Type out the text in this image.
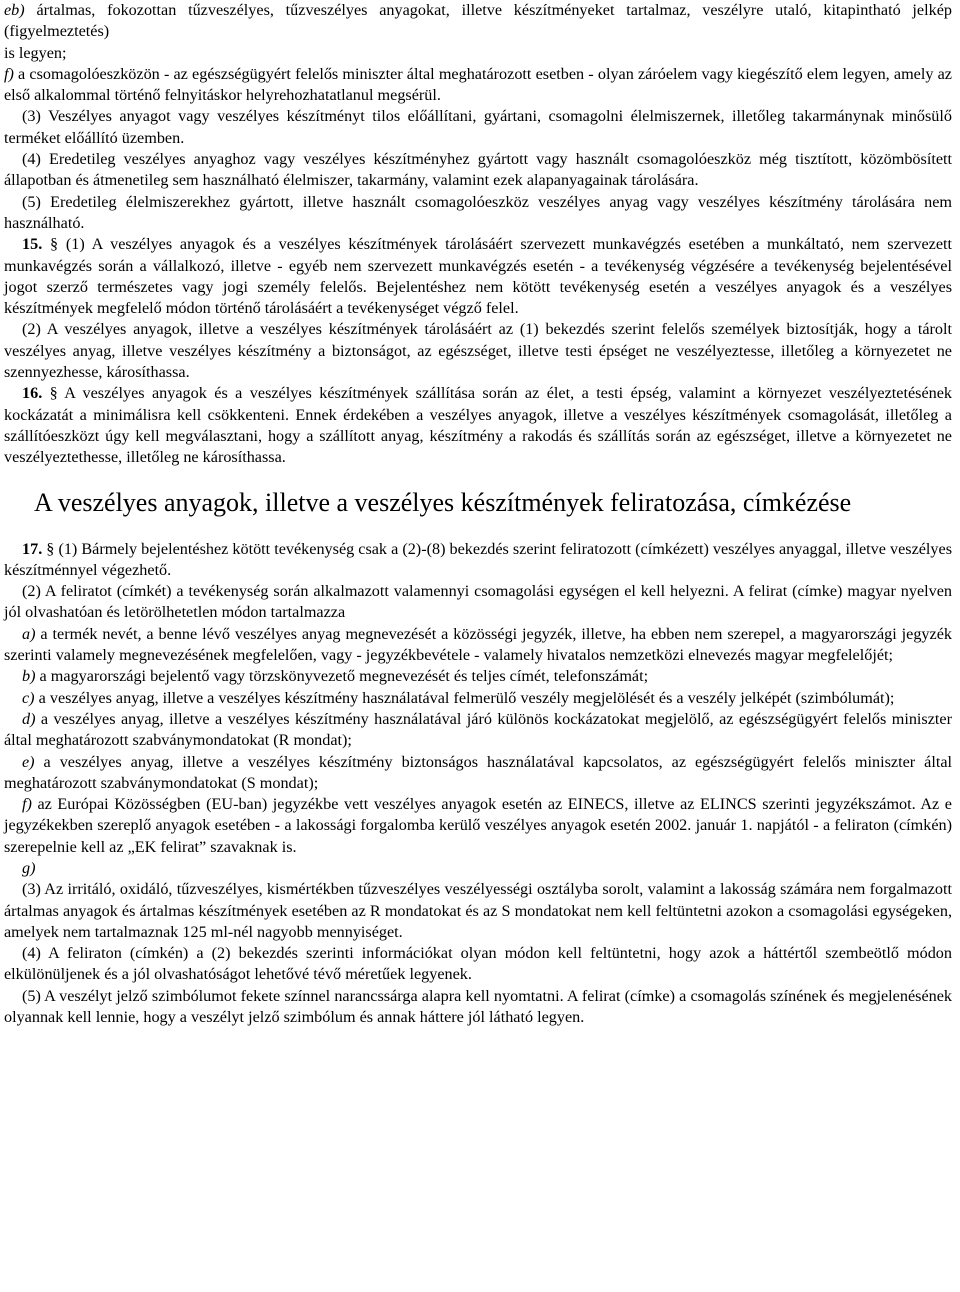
eb) ártalmas, fokozottan tűzveszélyes, tűzveszélyes anyagokat, illetve készítményeket tartalmaz, veszélyre utaló, kitapintható jelkép (figyelmeztetés)

is legyen;

f) a csomagolóeszközön - az egészségügyért felelős miniszter által meghatározott esetben - olyan záróelem vagy kiegészítő elem legyen, amely az első alkalommal történő felnyitáskor helyrehozhatatlanul megsérül.

(3) Veszélyes anyagot vagy veszélyes készítményt tilos előállítani, gyártani, csomagolni élelmiszernek, illetőleg takarmánynak minősülő terméket előállító üzemben.

(4) Eredetileg veszélyes anyaghoz vagy veszélyes készítményhez gyártott vagy használt csomagolóeszköz még tisztított, közömbösített állapotban és átmenetileg sem használható élelmiszer, takarmány, valamint ezek alapanyagainak tárolására.

(5) Eredetileg élelmiszerekhez gyártott, illetve használt csomagolóeszköz veszélyes anyag vagy veszélyes készítmény tárolására nem használható.

15. § (1) A veszélyes anyagok és a veszélyes készítmények tárolásáért szervezett munkavégzés esetében a munkáltató, nem szervezett munkavégzés során a vállalkozó, illetve - egyéb nem szervezett munkavégzés esetén - a tevékenység végzésére a tevékenység bejelentésével jogot szerző természetes vagy jogi személy felelős. Bejelentéshez nem kötött tevékenység esetén a veszélyes anyagok és a veszélyes készítmények megfelelő módon történő tárolásáért a tevékenységet végző felel.

(2) A veszélyes anyagok, illetve a veszélyes készítmények tárolásáért az (1) bekezdés szerint felelős személyek biztosítják, hogy a tárolt veszélyes anyag, illetve veszélyes készítmény a biztonságot, az egészséget, illetve testi épséget ne veszélyeztesse, illetőleg a környezetet ne szennyezhesse, károsíthassa.

16. § A veszélyes anyagok és a veszélyes készítmények szállítása során az élet, a testi épség, valamint a környezet veszélyeztetésének kockázatát a minimálisra kell csökkenteni. Ennek érdekében a veszélyes anyagok, illetve a veszélyes készítmények csomagolását, illetőleg a szállítóeszközt úgy kell megválasztani, hogy a szállított anyag, készítmény a rakodás és szállítás során az egészséget, illetve a környezetet ne veszélyeztethesse, illetőleg ne károsíthassa.

A veszélyes anyagok, illetve a veszélyes készítmények feliratozása, címkézése

17. § (1) Bármely bejelentéshez kötött tevékenység csak a (2)-(8) bekezdés szerint feliratozott (címkézett) veszélyes anyaggal, illetve veszélyes készítménnyel végezhető.

(2) A feliratot (címkét) a tevékenység során alkalmazott valamennyi csomagolási egységen el kell helyezni. A felirat (címke) magyar nyelven jól olvashatóan és letörölhetetlen módon tartalmazza

a) a termék nevét, a benne lévő veszélyes anyag megnevezését a közösségi jegyzék, illetve, ha ebben nem szerepel, a magyarországi jegyzék szerinti valamely megnevezésének megfelelően, vagy - jegyzékbevétele - valamely hivatalos nemzetközi elnevezés magyar megfelelőjét;

b) a magyarországi bejelentő vagy törzskönyvezető megnevezését és teljes címét, telefonszámát;

c) a veszélyes anyag, illetve a veszélyes készítmény használatával felmerülő veszély megjelölését és a veszély jelképét (szimbólumát);

d) a veszélyes anyag, illetve a veszélyes készítmény használatával járó különös kockázatokat megjelölő, az egészségügyért felelős miniszter által meghatározott szabványmondatokat (R mondat);

e) a veszélyes anyag, illetve a veszélyes készítmény biztonságos használatával kapcsolatos, az egészségügyért felelős miniszter által meghatározott szabványmondatokat (S mondat);

f) az Európai Közösségben (EU-ban) jegyzékbe vett veszélyes anyagok esetén az EINECS, illetve az ELINCS szerinti jegyzékszámot. Az e jegyzékekben szereplő anyagok esetében - a lakossági forgalomba kerülő veszélyes anyagok esetén 2002. január 1. napjától - a feliraton (címkén) szerepelnie kell az „EK felirat” szavaknak is.

g)

(3) Az irritáló, oxidáló, tűzveszélyes, kismértékben tűzveszélyes veszélyességi osztályba sorolt, valamint a lakosság számára nem forgalmazott ártalmas anyagok és ártalmas készítmények esetében az R mondatokat és az S mondatokat nem kell feltüntetni azokon a csomagolási egységeken, amelyek nem tartalmaznak 125 ml-nél nagyobb mennyiséget.

(4) A feliraton (címkén) a (2) bekezdés szerinti információkat olyan módon kell feltüntetni, hogy azok a háttértől szembeötlő módon elkülönüljenek és a jól olvashatóságot lehetővé tévő méretűek legyenek.

(5) A veszélyt jelző szimbólumot fekete színnel narancssárga alapra kell nyomtatni. A felirat (címke) a csomagolás színének és megjelenésének olyannak kell lennie, hogy a veszélyt jelző szimbólum és annak háttere jól látható legyen.
